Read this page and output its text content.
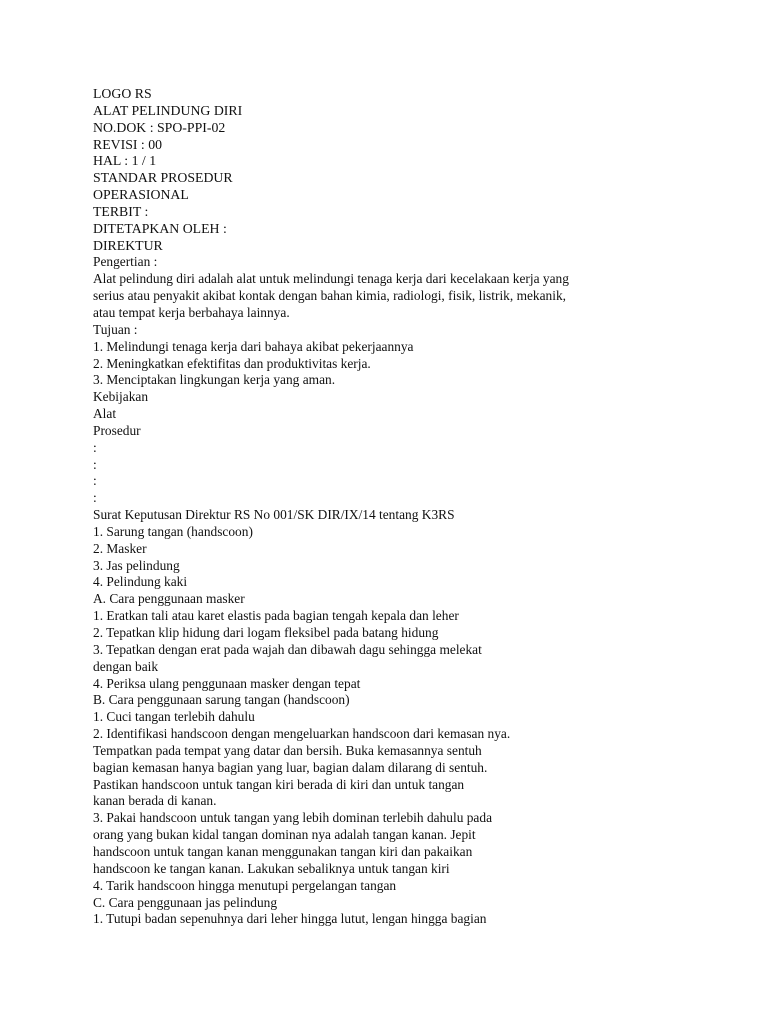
LOGO RS
ALAT PELINDUNG DIRI
NO.DOK : SPO-PPI-02
REVISI : 00
HAL : 1 / 1
STANDAR PROSEDUR
OPERASIONAL
TERBIT :
DITETAPKAN OLEH :
DIREKTUR
Pengertian :
Alat pelindung diri adalah alat untuk melindungi tenaga kerja dari kecelakaan kerja yang
serius atau penyakit akibat kontak dengan bahan kimia, radiologi, fisik, listrik, mekanik,
atau tempat kerja berbahaya lainnya.
Tujuan :
1. Melindungi tenaga kerja dari bahaya akibat pekerjaannya
2. Meningkatkan efektifitas dan produktivitas kerja.
3. Menciptakan lingkungan kerja yang aman.
Kebijakan
Alat
Prosedur
:
:
:
:
Surat Keputusan Direktur RS No 001/SK DIR/IX/14 tentang K3RS
1. Sarung tangan (handscoon)
2. Masker
3. Jas pelindung
4. Pelindung kaki
A. Cara penggunaan masker
1. Eratkan tali atau karet elastis pada bagian tengah kepala dan leher
2. Tepatkan klip hidung dari logam fleksibel pada batang hidung
3. Tepatkan dengan erat pada wajah dan dibawah dagu sehingga melekat
dengan baik
4. Periksa ulang penggunaan masker dengan tepat
B. Cara penggunaan sarung tangan (handscoon)
1. Cuci tangan terlebih dahulu
2. Identifikasi handscoon dengan mengeluarkan handscoon dari kemasan nya.
Tempatkan pada tempat yang datar dan bersih. Buka kemasannya sentuh
bagian kemasan hanya bagian yang luar, bagian dalam dilarang di sentuh.
Pastikan handscoon untuk tangan kiri berada di kiri dan untuk tangan
kanan berada di kanan.
3. Pakai handscoon untuk tangan yang lebih dominan terlebih dahulu pada
orang yang bukan kidal tangan dominan nya adalah tangan kanan. Jepit
handscoon untuk tangan kanan menggunakan tangan kiri dan pakaikan
handscoon ke tangan kanan. Lakukan sebaliknya untuk tangan kiri
4. Tarik handscoon hingga menutupi pergelangan tangan
C. Cara penggunaan jas pelindung
1. Tutupi badan sepenuhnya dari leher hingga lutut, lengan hingga bagian
